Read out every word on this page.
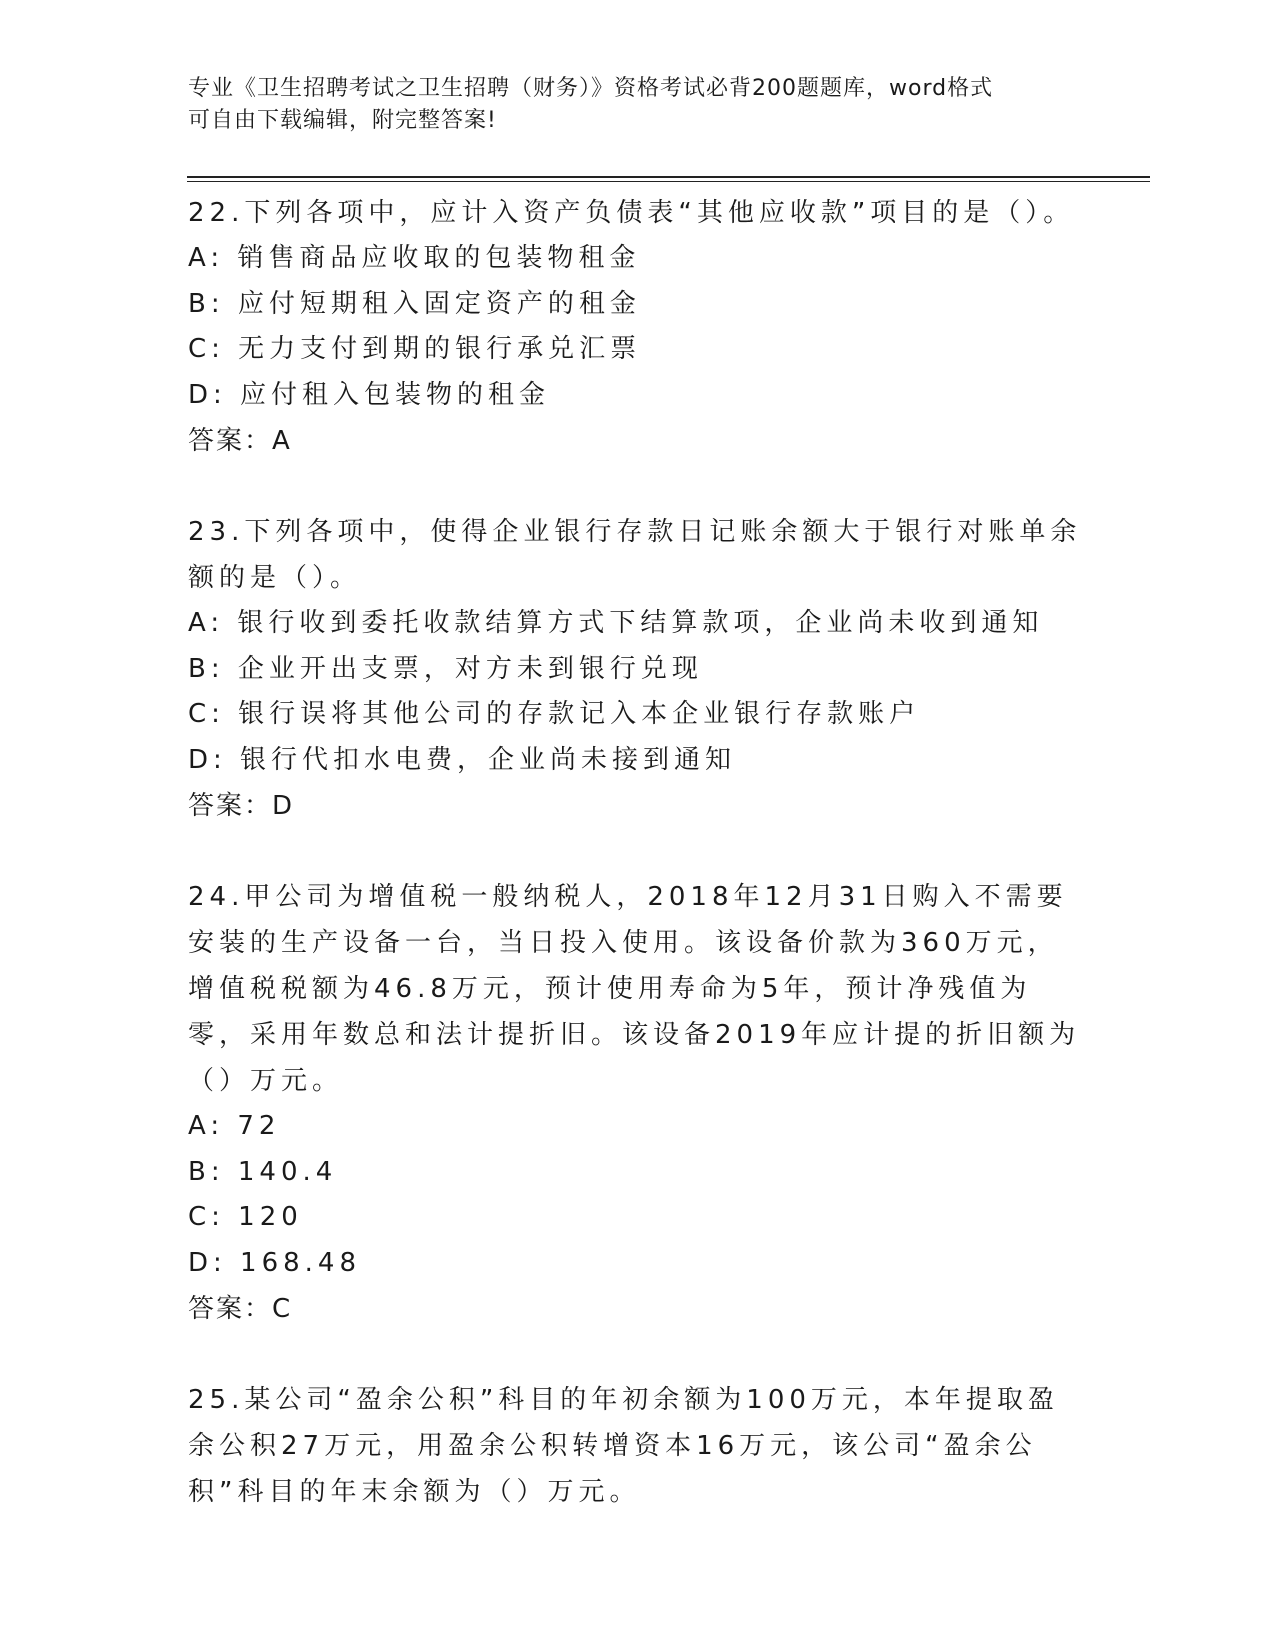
专业《卫生招聘考试之卫生招聘（财务）》资格考试必背200题题库，word格式
可自由下载编辑，附完整答案!

22.下列各项中，应计入资产负债表“其他应收款”项目的是（）。

A: 销售商品应收取的包装物租金

B: 应付短期租入固定资产的租金

C: 无力支付到期的银行承兑汇票

D: 应付租入包装物的租金

答案：A

23.下列各项中，使得企业银行存款日记账余额大于银行对账单余额的是（）。

A: 银行收到委托收款结算方式下结算款项，企业尚未收到通知

B: 企业开出支票，对方未到银行兑现

C: 银行误将其他公司的存款记入本企业银行存款账户

D: 银行代扣水电费，企业尚未接到通知

答案：D

24.甲公司为增值税一般纳税人，2018年12月31日购入不需要安装的生产设备一台，当日投入使用。该设备价款为360万元，增值税税额为46.8万元，预计使用寿命为5年，预计净残值为零，采用年数总和法计提折旧。该设备2019年应计提的折旧额为（）万元。

A: 72

B: 140.4

C: 120

D: 168.48

答案：C

25.某公司“盈余公积”科目的年初余额为100万元，本年提取盈余公积27万元，用盈余公积转增资本16万元，该公司“盈余公积”科目的年末余额为（）万元。
